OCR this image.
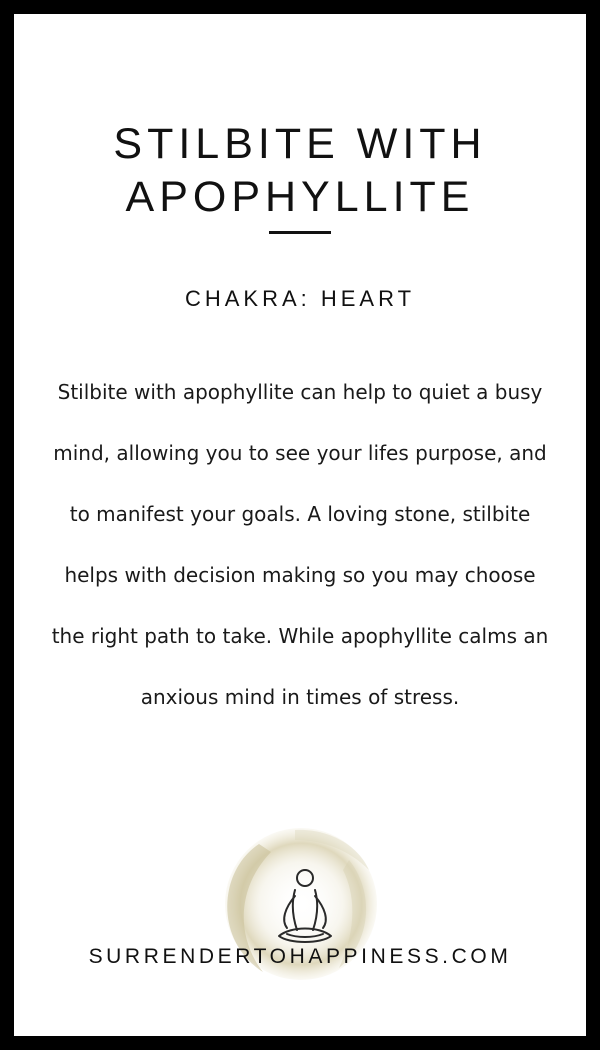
STILBITE WITH
APOPHYLLITE
CHAKRA: HEART

Stilbite with apophyllite can help to quiet a busy mind, allowing you to see your lifes purpose, and to manifest your goals. A loving stone, stilbite helps with decision making so you may choose the right path to take. While apophyllite calms an anxious mind in times of stress.

SURRENDERTOHAPPINESS.COM
